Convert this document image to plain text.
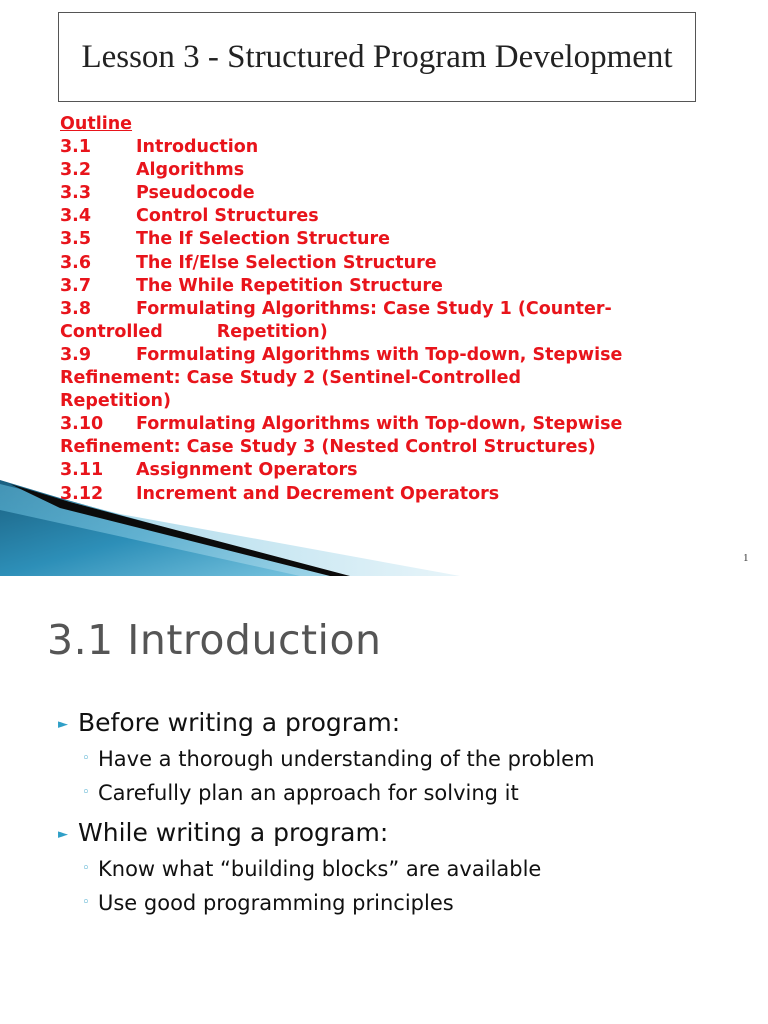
Lesson 3 - Structured Program Development
Outline
3.1	Introduction
3.2	Algorithms
3.3	Pseudocode
3.4	Control Structures
3.5	The If Selection Structure
3.6	The If/Else Selection Structure
3.7	The While Repetition Structure
3.8	Formulating Algorithms: Case Study 1 (Counter-
Controlled	Repetition)
3.9	Formulating Algorithms with Top-down, Stepwise
Refinement: Case Study 2 (Sentinel-Controlled
Repetition)
3.10 Formulating Algorithms with Top-down, Stepwise
Refinement: Case Study 3 (Nested Control Structures)
3.11 Assignment Operators
3.12 Increment and Decrement Operators
1
3.1 Introduction
► Before writing a program:
◦ Have a thorough understanding of the problem
◦ Carefully plan an approach for solving it
► While writing a program:
◦ Know what “building blocks” are available
◦ Use good programming principles
